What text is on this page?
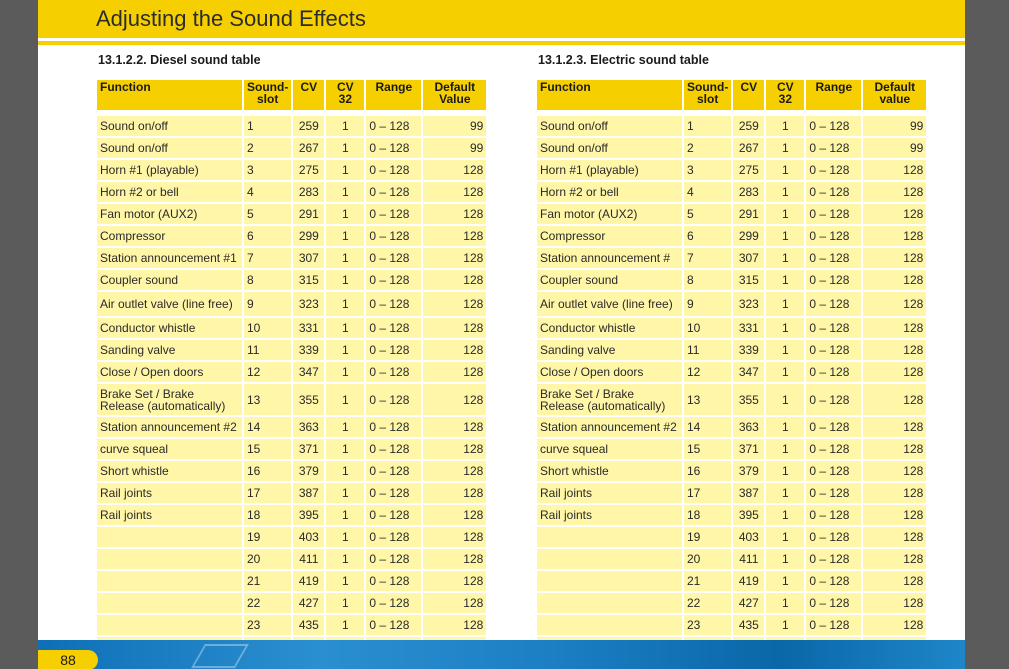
Adjusting the Sound Effects
13.1.2.2. Diesel sound table	13.1.2.3. Electric sound table
Function	Sound-slot	CV	CV 32	Range	Default Value
Sound on/off	1	259	1	0 – 128	99
Sound on/off	2	267	1	0 – 128	99
Horn #1 (playable)	3	275	1	0 – 128	128
Horn #2 or bell	4	283	1	0 – 128	128
Fan motor (AUX2)	5	291	1	0 – 128	128
Compressor	6	299	1	0 – 128	128
Station announcement #1	7	307	1	0 – 128	128
Coupler sound	8	315	1	0 – 128	128
Air outlet valve (line free)	9	323	1	0 – 128	128
Conductor whistle	10	331	1	0 – 128	128
Sanding valve	11	339	1	0 – 128	128
Close / Open doors	12	347	1	0 – 128	128
Brake Set / Brake Release (automatically)	13	355	1	0 – 128	128
Station announcement #2	14	363	1	0 – 128	128
curve squeal	15	371	1	0 – 128	128
Short whistle	16	379	1	0 – 128	128
Rail joints	17	387	1	0 – 128	128
Rail joints	18	395	1	0 – 128	128
	19	403	1	0 – 128	128
	20	411	1	0 – 128	128
	21	419	1	0 – 128	128
	22	427	1	0 – 128	128
	23	435	1	0 – 128	128

Function	Sound-slot	CV	CV 32	Range	Default value
Sound on/off	1	259	1	0 – 128	99
Sound on/off	2	267	1	0 – 128	99
Horn #1 (playable)	3	275	1	0 – 128	128
Horn #2 or bell	4	283	1	0 – 128	128
Fan motor (AUX2)	5	291	1	0 – 128	128
Compressor	6	299	1	0 – 128	128
Station announcement #	7	307	1	0 – 128	128
Coupler sound	8	315	1	0 – 128	128
Air outlet valve (line free)	9	323	1	0 – 128	128
Conductor whistle	10	331	1	0 – 128	128
Sanding valve	11	339	1	0 – 128	128
Close / Open doors	12	347	1	0 – 128	128
Brake Set / Brake Release (automatically)	13	355	1	0 – 128	128
Station announcement #2	14	363	1	0 – 128	128
curve squeal	15	371	1	0 – 128	128
Short whistle	16	379	1	0 – 128	128
Rail joints	17	387	1	0 – 128	128
Rail joints	18	395	1	0 – 128	128
	19	403	1	0 – 128	128
	20	411	1	0 – 128	128
	21	419	1	0 – 128	128
	22	427	1	0 – 128	128
	23	435	1	0 – 128	128

88
